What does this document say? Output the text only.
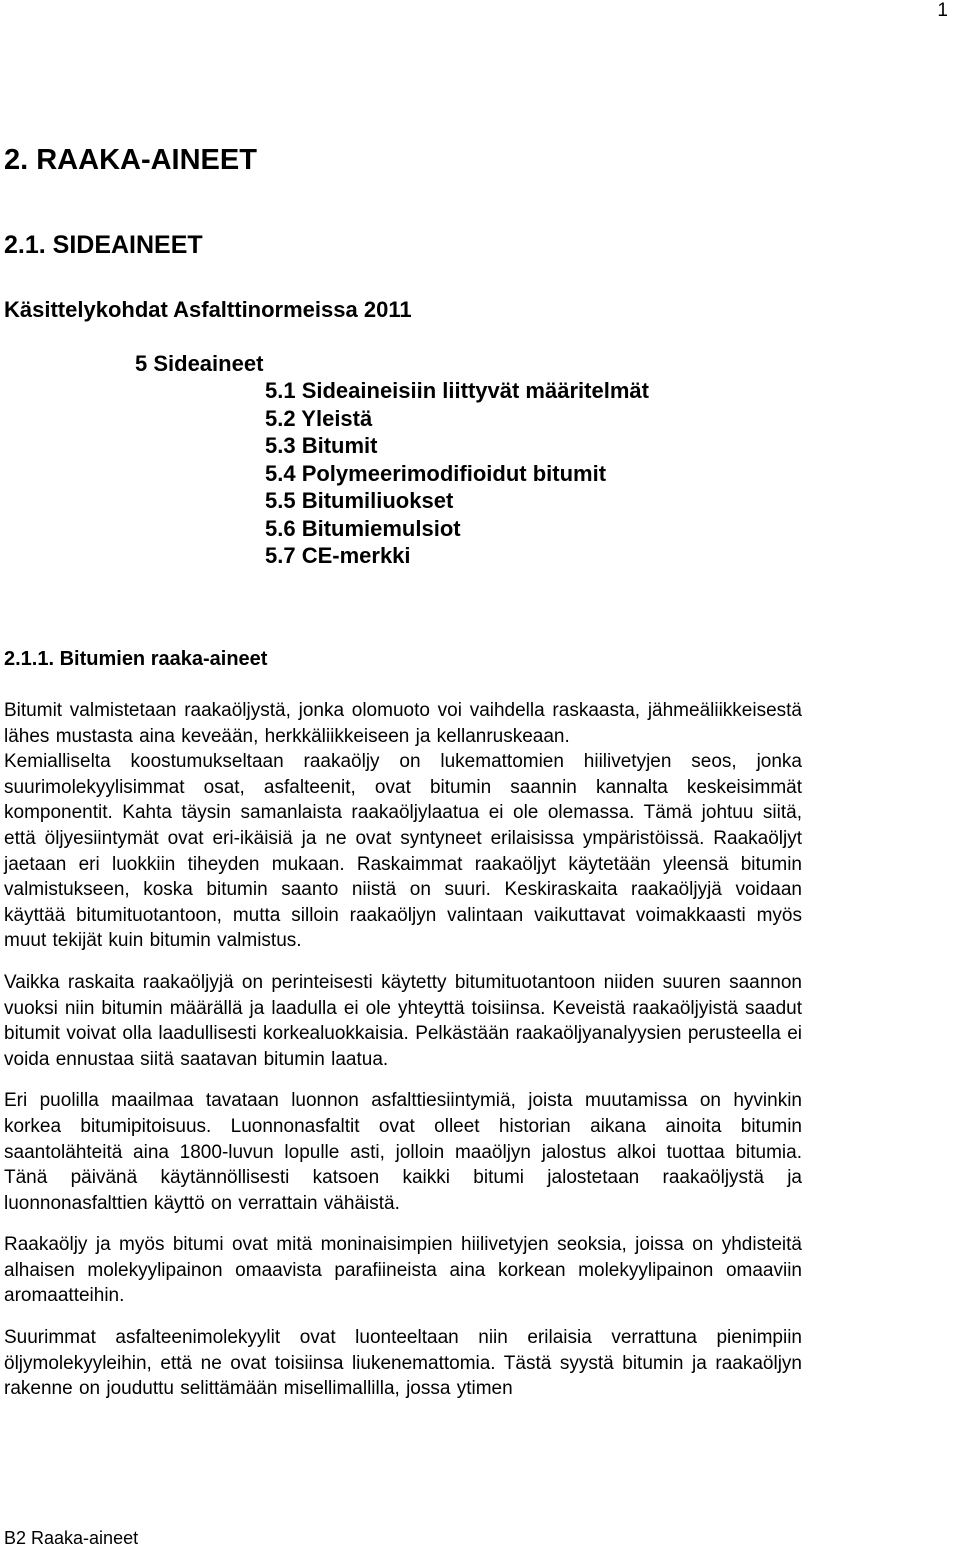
1
2. RAAKA-AINEET
2.1. SIDEAINEET
Käsittelykohdat Asfalttinormeissa 2011
5 Sideaineet
5.1 Sideaineisiin liittyvät määritelmät
5.2 Yleistä
5.3 Bitumit
5.4 Polymeerimodifioidut bitumit
5.5 Bitumiliuokset
5.6 Bitumiemulsiot
5.7 CE-merkki
2.1.1. Bitumien raaka-aineet

Bitumit valmistetaan raakaöljystä, jonka olomuoto voi vaihdella raskaasta, jähmeäliikkeisestä lähes mustasta aina keveään, herkkäliikkeiseen ja kellanruskeaan.

Kemialliselta koostumukseltaan raakaöljy on lukemattomien hiilivetyjen seos, jonka suurimolekyylisimmat osat, asfalteenit, ovat bitumin saannin kannalta keskeisimmät komponentit. Kahta täysin samanlaista raakaöljylaatua ei ole olemassa. Tämä johtuu siitä, että öljyesiintymät ovat eri-ikäisiä ja ne ovat syntyneet erilaisissa ympäristöissä. Raakaöljyt jaetaan eri luokkiin tiheyden mukaan. Raskaimmat raakaöljyt käytetään yleensä bitumin valmistukseen, koska bitumin saanto niistä on suuri. Keskiraskaita raakaöljyjä voidaan käyttää bitumituotantoon, mutta silloin raakaöljyn valintaan vaikuttavat voimakkaasti myös muut tekijät kuin bitumin valmistus.

Vaikka raskaita raakaöljyjä on perinteisesti käytetty bitumituotantoon niiden suuren saannon vuoksi niin bitumin määrällä ja laadulla ei ole yhteyttä toisiinsa. Keveistä raakaöljyistä saadut bitumit voivat olla laadullisesti korkealuokkaisia. Pelkästään raakaöljyanalyysien perusteella ei voida ennustaa siitä saatavan bitumin laatua.

Eri puolilla maailmaa tavataan luonnon asfalttiesiintymiä, joista muutamissa on hyvinkin korkea bitumipitoisuus. Luonnonasfaltit ovat olleet historian aikana ainoita bitumin saantolähteitä aina 1800-luvun lopulle asti, jolloin maaöljyn jalostus alkoi tuottaa bitumia. Tänä päivänä käytännöllisesti katsoen kaikki bitumi jalostetaan raakaöljystä ja luonnonasfalttien käyttö on verrattain vähäistä.

Raakaöljy ja myös bitumi ovat mitä moninaisimpien hiilivetyjen seoksia, joissa on yhdisteitä alhaisen molekyylipainon omaavista parafiineista aina korkean molekyylipainon omaaviin aromaatteihin.

Suurimmat asfalteenimolekyylit ovat luonteeltaan niin erilaisia verrattuna pienimpiin öljymolekyyleihin, että ne ovat toisiinsa liukenemattomia. Tästä syystä bitumin ja raakaöljyn rakenne on jouduttu selittämään misellimallilla, jossa ytimen

B2 Raaka-aineet
